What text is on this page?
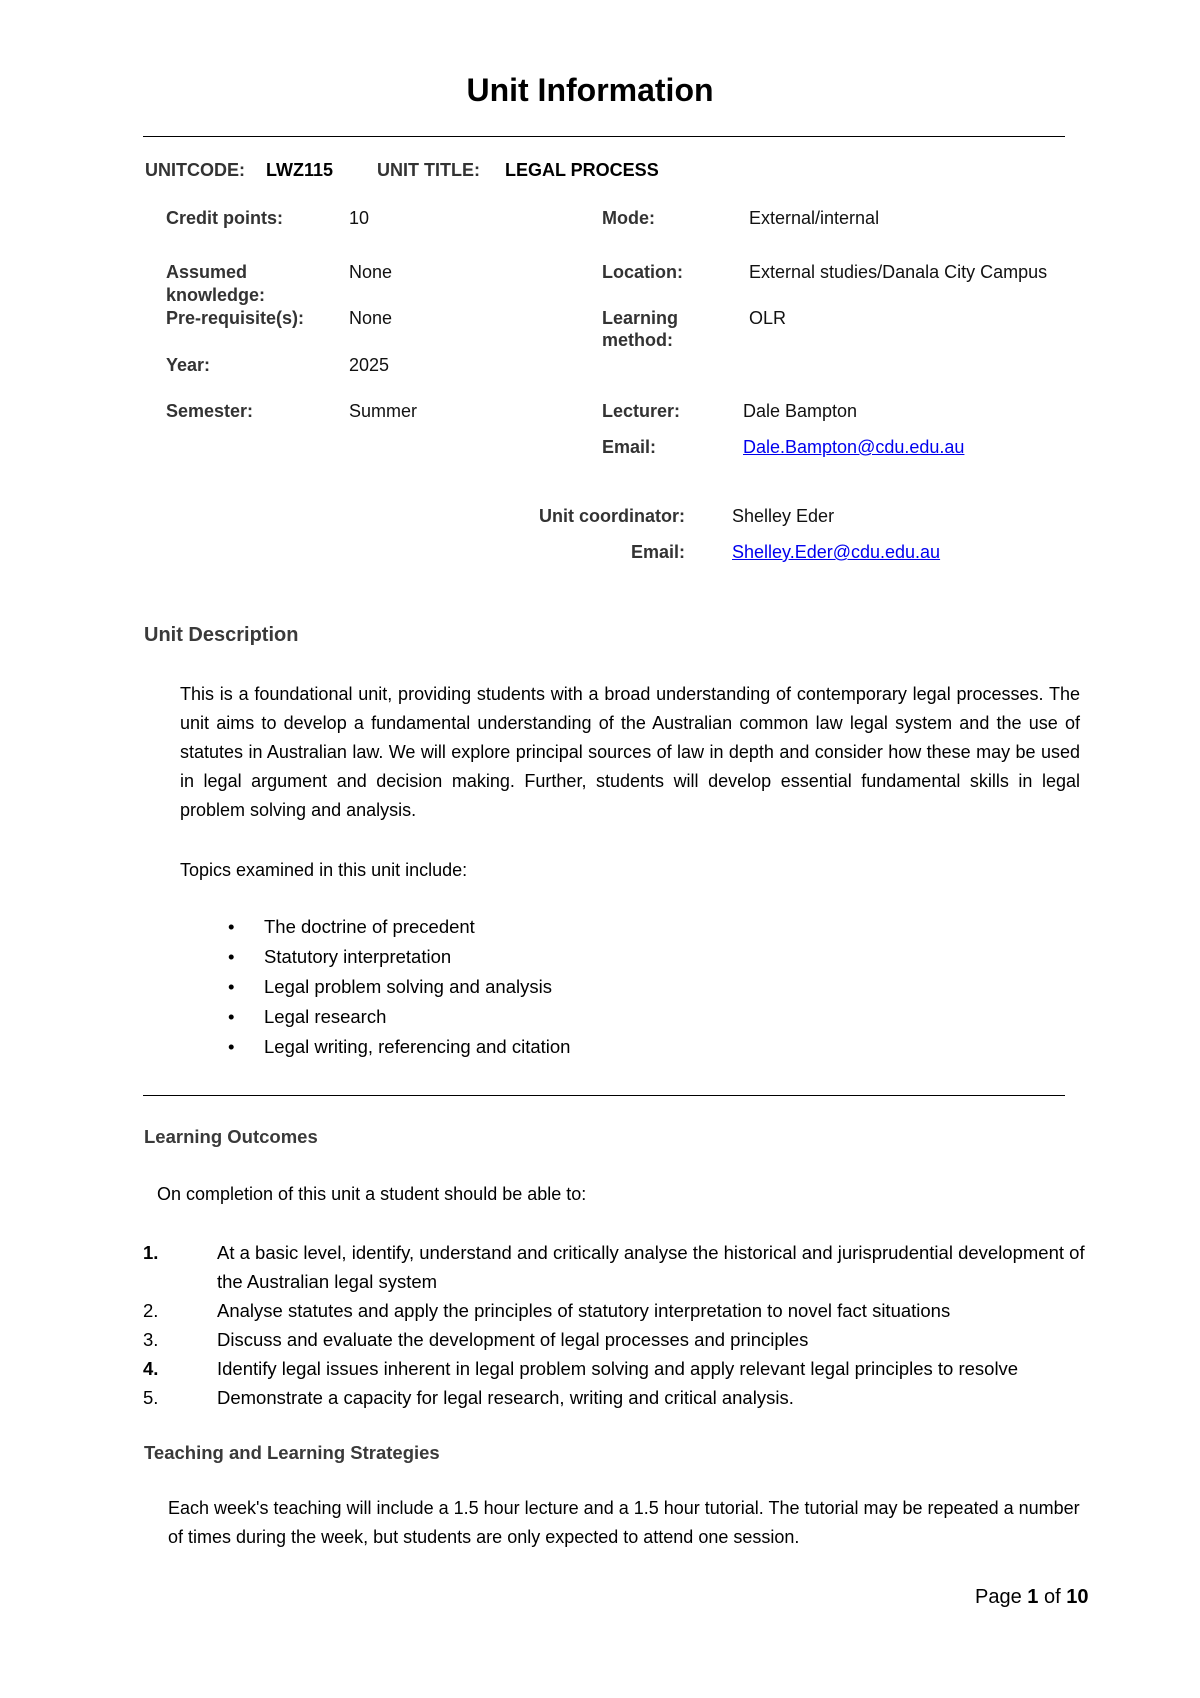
Unit Information
UNITCODE: LWZ115 UNIT TITLE: LEGAL PROCESS
Credit points:	10
Assumed
knowledge:
None
Pre-requisite(s): None
Year:	2025
Semester:	Summer
Mode:	External/internal
Location:	External studies/Danala City Campus
Learning
method:
OLR
Lecturer:	Dale Bampton
Email:	Dale.Bampton@cdu.edu.au
Unit coordinator:	Shelley Eder
Email:	Shelley.Eder@cdu.edu.au
Unit Description
This is a foundational unit, providing students with a broad understanding of contemporary legal processes. The unit aims to develop a fundamental understanding of the Australian common law legal system and the use of statutes in Australian law. We will explore principal sources of law in depth and consider how these may be used in legal argument and decision making. Further, students will develop essential fundamental skills in legal problem solving and analysis.
Topics examined in this unit include:
• The doctrine of precedent
• Statutory interpretation
• Legal problem solving and analysis
• Legal research
• Legal writing, referencing and citation
Learning Outcomes
On completion of this unit a student should be able to:
1.	At a basic level, identify, understand and critically analyse the historical and jurisprudential development of the Australian legal system
2.	Analyse statutes and apply the principles of statutory interpretation to novel fact situations
3.	Discuss and evaluate the development of legal processes and principles
4.	Identify legal issues inherent in legal problem solving and apply relevant legal principles to resolve
5.	Demonstrate a capacity for legal research, writing and critical analysis.
Teaching and Learning Strategies
Each week's teaching will include a 1.5 hour lecture and a 1.5 hour tutorial. The tutorial may be repeated a number of times during the week, but students are only expected to attend one session.
Page 1 of 10
